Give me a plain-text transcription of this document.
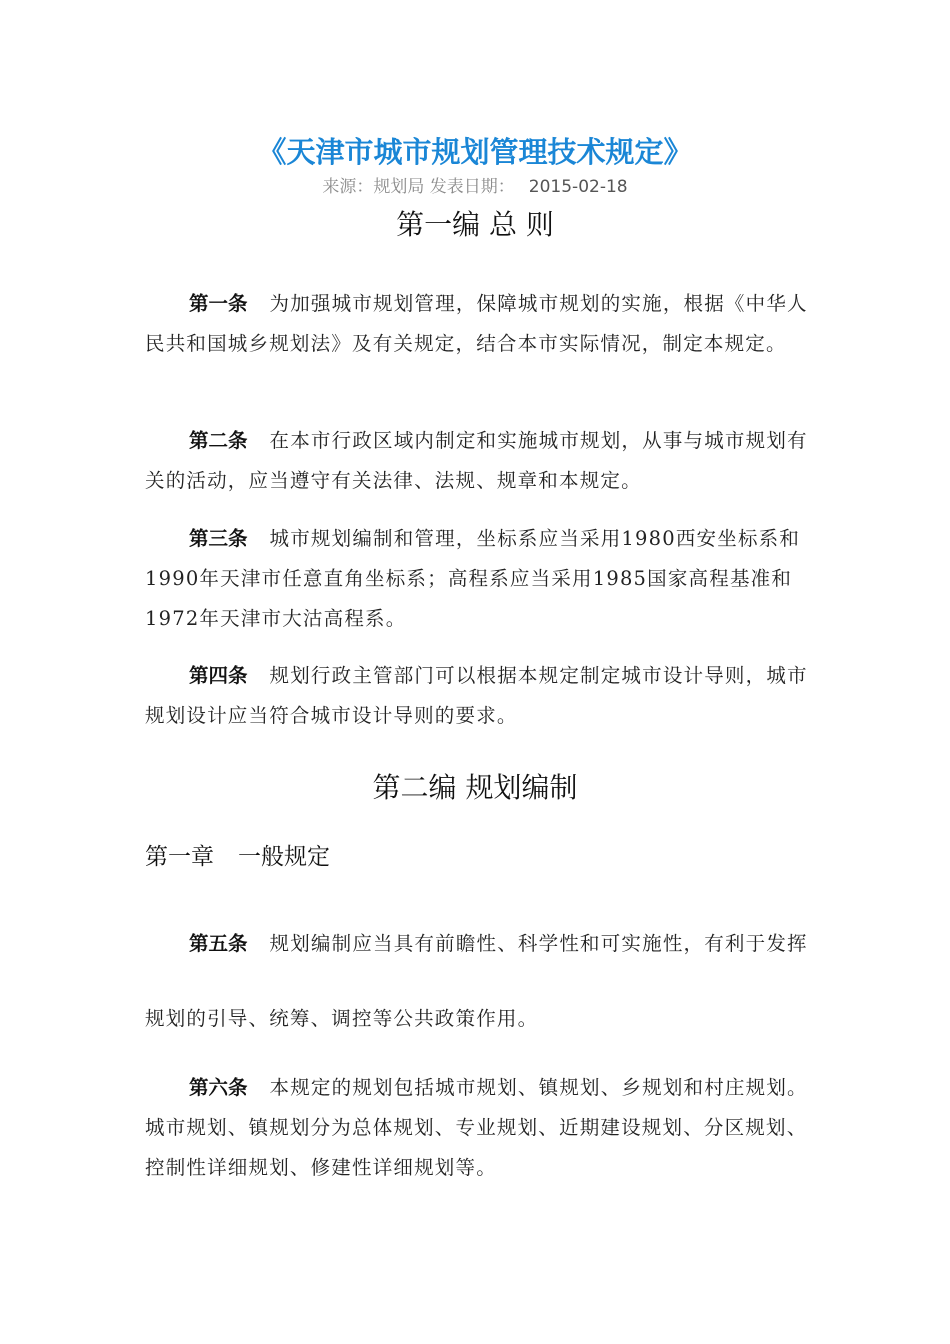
《天津市城市规划管理技术规定》
来源：规划局 发表日期： 2015-02-18
第一编 总 则

第一条 为加强城市规划管理，保障城市规划的实施，根据《中华人民共和国城乡规划法》及有关规定，结合本市实际情况，制定本规定。

第二条 在本市行政区域内制定和实施城市规划，从事与城市规划有关的活动，应当遵守有关法律、法规、规章和本规定。

第三条 城市规划编制和管理，坐标系应当采用1980西安坐标系和1990年天津市任意直角坐标系；高程系应当采用1985国家高程基准和1972年天津市大沽高程系。

第四条 规划行政主管部门可以根据本规定制定城市设计导则，城市规划设计应当符合城市设计导则的要求。

第二编 规划编制
第一章 一般规定

第五条 规划编制应当具有前瞻性、科学性和可实施性，有利于发挥规划的引导、统筹、调控等公共政策作用。

第六条 本规定的规划包括城市规划、镇规划、乡规划和村庄规划。城市规划、镇规划分为总体规划、专业规划、近期建设规划、分区规划、控制性详细规划、修建性详细规划等。
